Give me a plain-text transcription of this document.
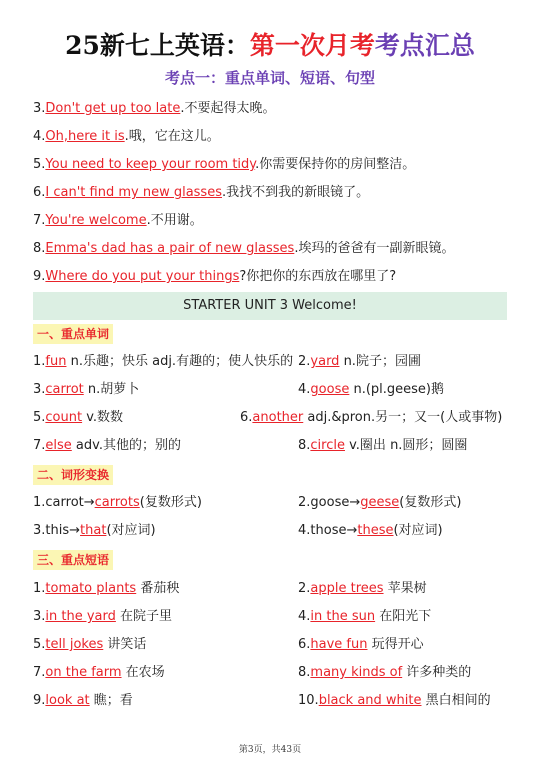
25新七上英语：第一次月考考点汇总
考点一：重点单词、短语、句型
3.Don't get up too late.不要起得太晚。
4.Oh,here it is.哦，它在这儿。
5.You need to keep your room tidy.你需要保持你的房间整洁。
6.I can't find my new glasses.我找不到我的新眼镜了。
7.You're welcome.不用谢。
8.Emma's dad has a pair of new glasses.埃玛的爸爸有一副新眼镜。
9.Where do you put your things?你把你的东西放在哪里了?
STARTER UNIT 3 Welcome!
一、重点单词
1.fun n.乐趣；快乐 adj.有趣的；使人快乐的 2.yard n.院子；园圃
3.carrot n.胡萝卜	4.goose n.(pl.geese)鹅
5.count v.数数	6.another adj.&pron.另一；又一(人或事物)
7.else adv.其他的；别的	8.circle v.圈出 n.圆形；圆圈
二、词形变换
1.carrot→carrots(复数形式)	2.goose→geese(复数形式)
3.this→that(对应词)	4.those→these(对应词)
三、重点短语
1.tomato plants 番茄秧	2.apple trees 苹果树
3.in the yard 在院子里	4.in the sun 在阳光下
5.tell jokes 讲笑话	6.have fun 玩得开心
7.on the farm 在农场	8.many kinds of 许多种类的
9.look at 瞧；看	10.black and white 黑白相间的
第3页，共43页
